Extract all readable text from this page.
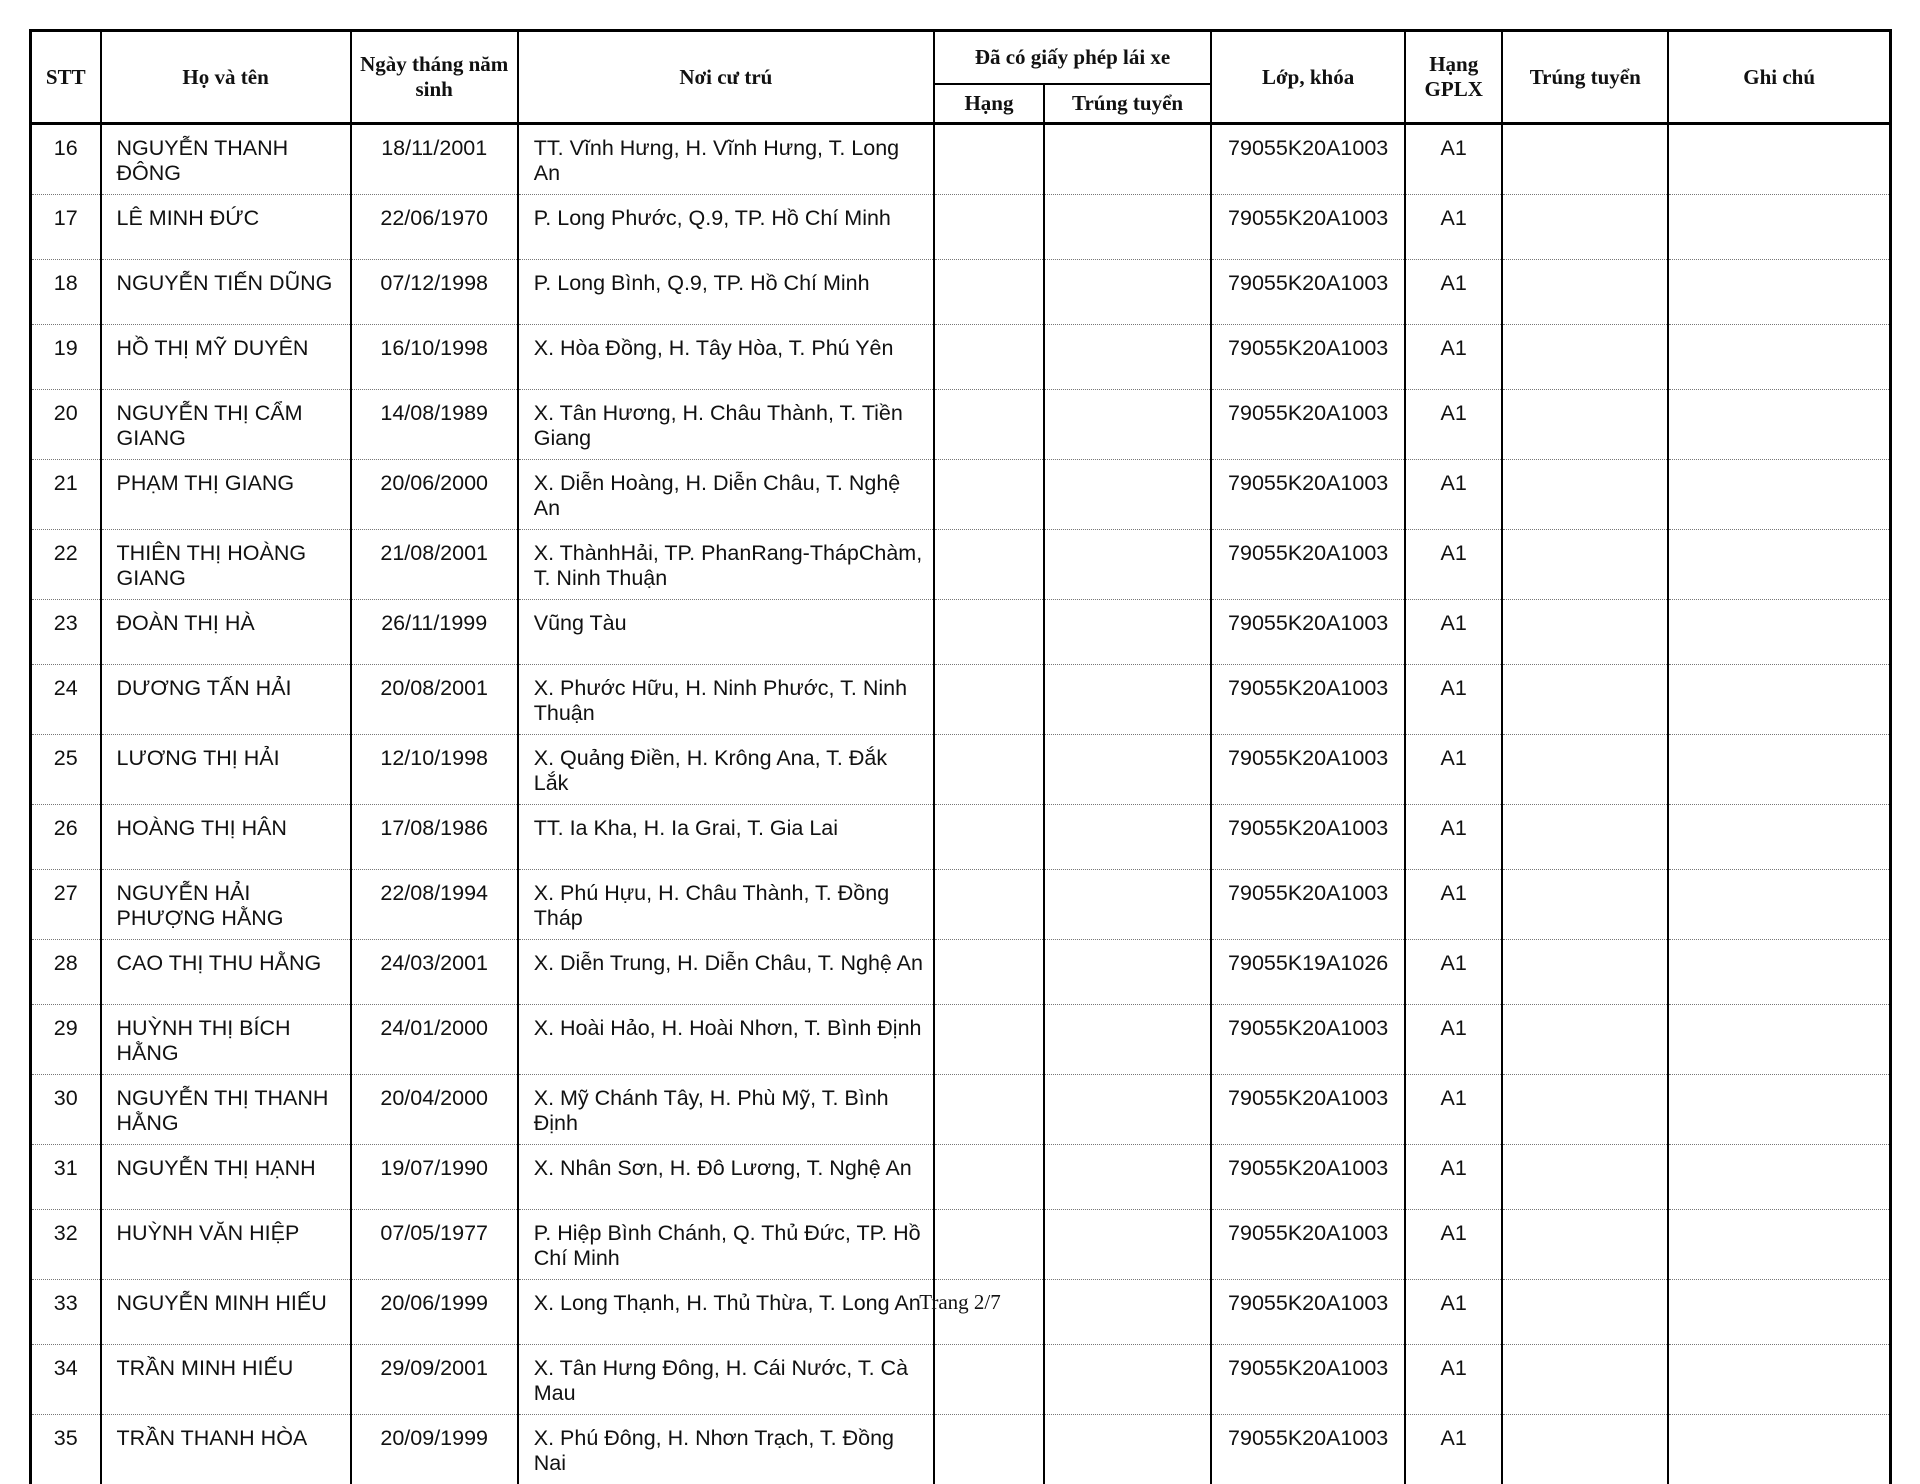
STT	Họ và tên	Ngày tháng năm sinh	Nơi cư trú	Đã có giấy phép lái xe		Lớp, khóa	Hạng GPLX	Trúng tuyển	Ghi chú
				Hạng	Trúng tuyển				
16	NGUYỄN THANH ĐÔNG	18/11/2001	TT. Vĩnh Hưng, H. Vĩnh Hưng, T. Long An			79055K20A1003	A1		
17	LÊ MINH ĐỨC	22/06/1970	P. Long Phước, Q.9, TP. Hồ Chí Minh			79055K20A1003	A1		
18	NGUYỄN TIẾN DŨNG	07/12/1998	P. Long Bình, Q.9, TP. Hồ Chí Minh			79055K20A1003	A1		
19	HỒ THỊ MỸ DUYÊN	16/10/1998	X. Hòa Đồng, H. Tây Hòa, T. Phú Yên			79055K20A1003	A1		
20	NGUYỄN THỊ CẨM GIANG	14/08/1989	X. Tân Hương, H. Châu Thành, T. Tiền Giang			79055K20A1003	A1		
21	PHẠM THỊ GIANG	20/06/2000	X. Diễn Hoàng, H. Diễn Châu, T. Nghệ An			79055K20A1003	A1		
22	THIÊN THỊ HOÀNG GIANG	21/08/2001	X. ThànhHải, TP. PhanRang-ThápChàm, T. Ninh Thuận			79055K20A1003	A1		
23	ĐOÀN THỊ HÀ	26/11/1999	Vũng Tàu			79055K20A1003	A1		
24	DƯƠNG TẤN HẢI	20/08/2001	X. Phước Hữu, H. Ninh Phước, T. Ninh Thuận			79055K20A1003	A1		
25	LƯƠNG THỊ HẢI	12/10/1998	X. Quảng Điền, H. Krông Ana, T. Đắk Lắk			79055K20A1003	A1		
26	HOÀNG THỊ HÂN	17/08/1986	TT. Ia Kha, H. Ia Grai, T. Gia Lai			79055K20A1003	A1		
27	NGUYỄN HẢI PHƯỢNG HẰNG	22/08/1994	X. Phú Hựu, H. Châu Thành, T. Đồng Tháp			79055K20A1003	A1		
28	CAO THỊ THU HẰNG	24/03/2001	X. Diễn Trung, H. Diễn Châu, T. Nghệ An			79055K19A1026	A1		
29	HUỲNH THỊ BÍCH HẰNG	24/01/2000	X. Hoài Hảo, H. Hoài Nhơn, T. Bình Định			79055K20A1003	A1		
30	NGUYỄN THỊ THANH HẰNG	20/04/2000	X. Mỹ Chánh Tây, H. Phù Mỹ, T. Bình Định			79055K20A1003	A1		
31	NGUYỄN THỊ HẠNH	19/07/1990	X. Nhân Sơn, H. Đô Lương, T. Nghệ An			79055K20A1003	A1		
32	HUỲNH VĂN HIỆP	07/05/1977	P. Hiệp Bình Chánh, Q. Thủ Đức, TP. Hồ Chí Minh			79055K20A1003	A1		
33	NGUYỄN MINH HIẾU	20/06/1999	X. Long Thạnh, H. Thủ Thừa, T. Long An			79055K20A1003	A1		
34	TRẦN MINH HIẾU	29/09/2001	X. Tân Hưng Đông, H. Cái Nước, T. Cà Mau			79055K20A1003	A1		
35	TRẦN THANH HÒA	20/09/1999	X. Phú Đông, H. Nhơn Trạch, T. Đồng Nai			79055K20A1003	A1		
Trang 2/7
